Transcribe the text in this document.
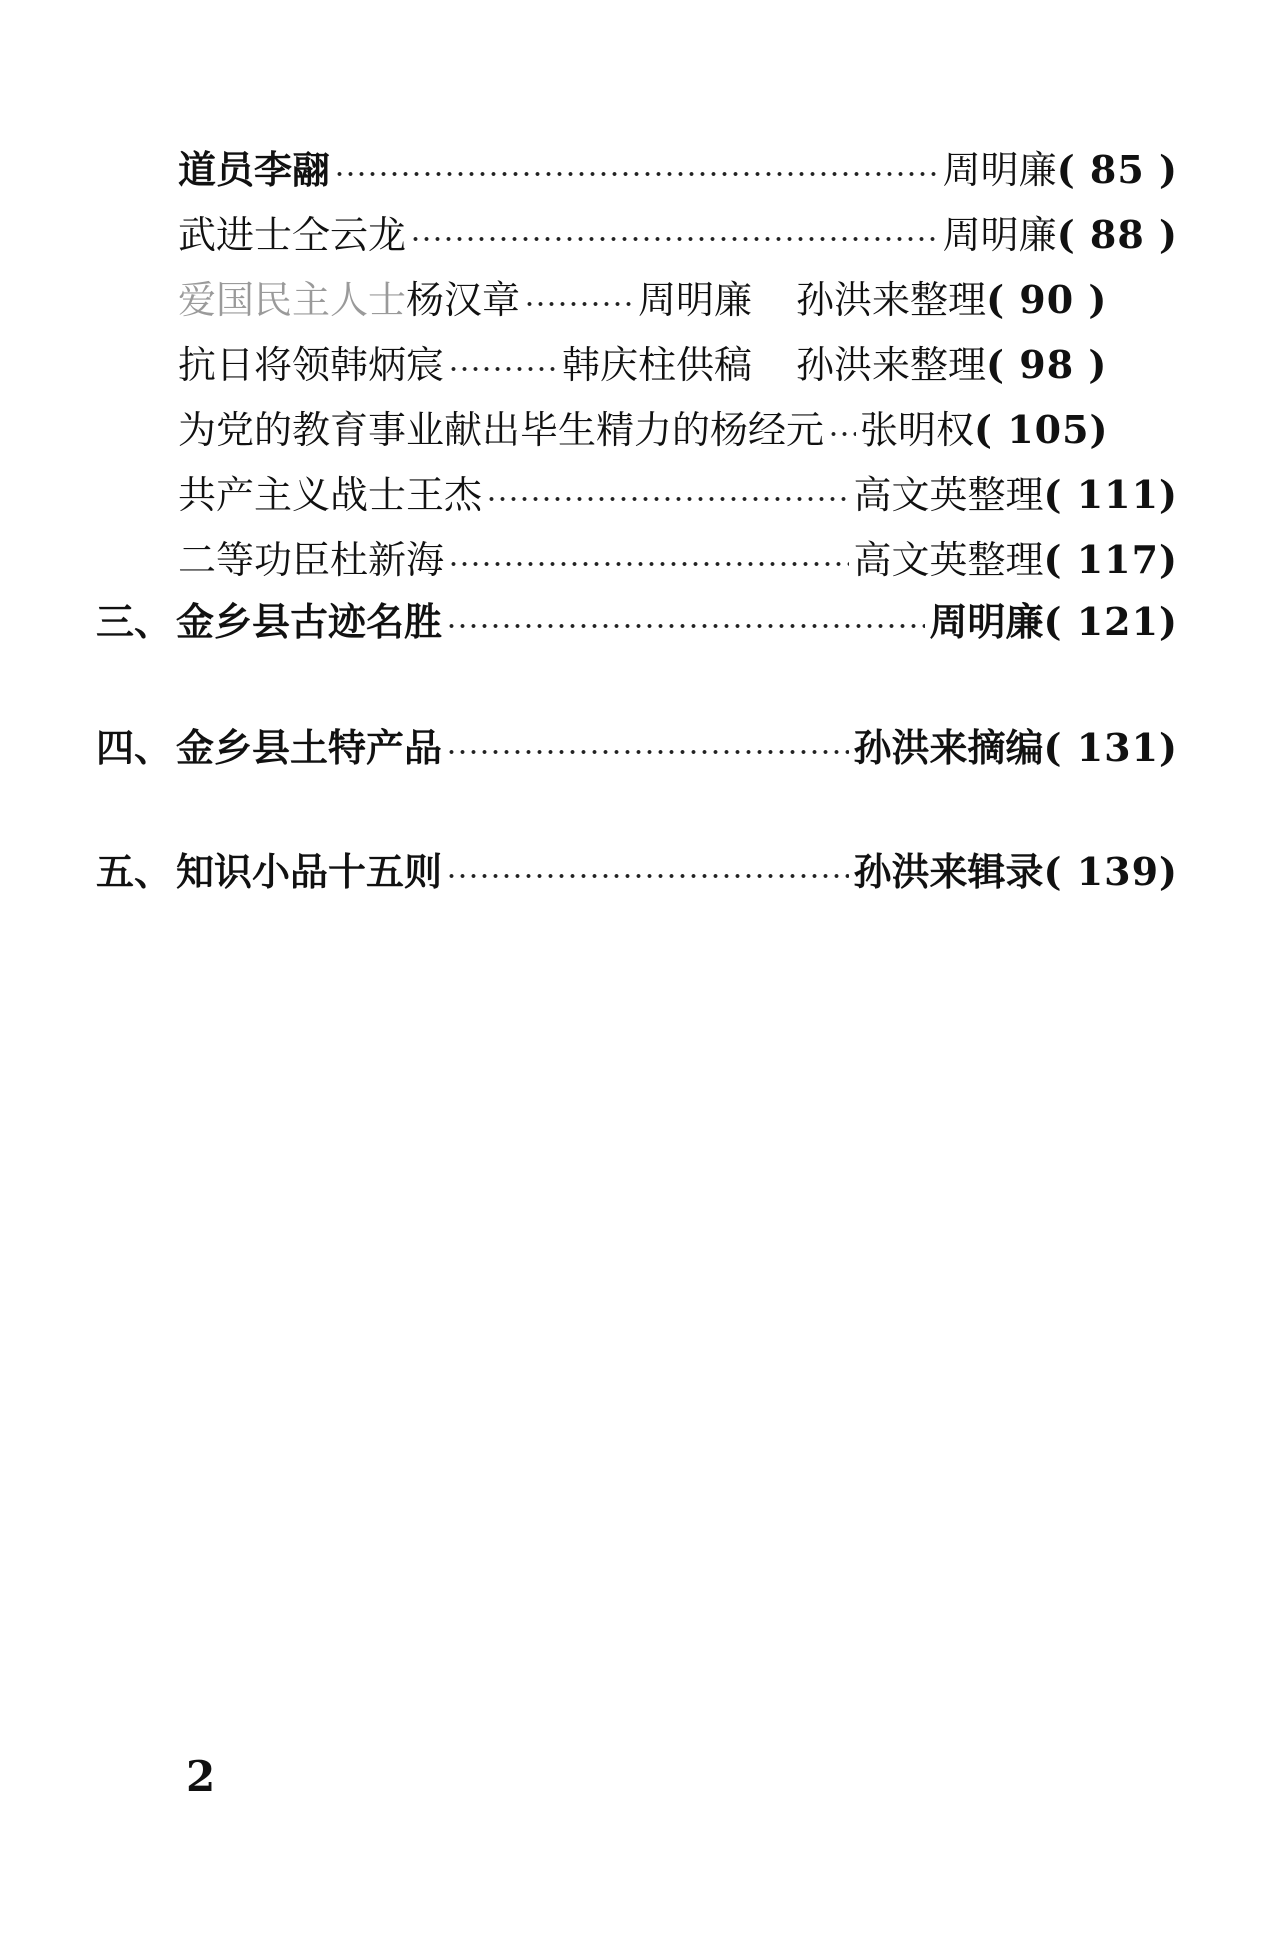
道员李翮	周明廉 ( 85 )
武进士仝云龙	周明廉 ( 88 )
爱国民主人士 杨汉章	周明廉 孙洪来整理 ( 90 )
抗日将领韩炳宸	韩庆柱供稿 孙洪来整理 ( 98 )
为党的教育事业献出毕生精力的杨经元 张明权 ( 105)
共产主义战士王杰	高文英整理 ( 111)
二等功臣杜新海	高文英整理 ( 117)
三、 金乡县古迹名胜	周明廉 ( 121)
四、 金乡县土特产品	孙洪来摘编 ( 131)
五、 知识小品十五则	孙洪来辑录 ( 139)
2
